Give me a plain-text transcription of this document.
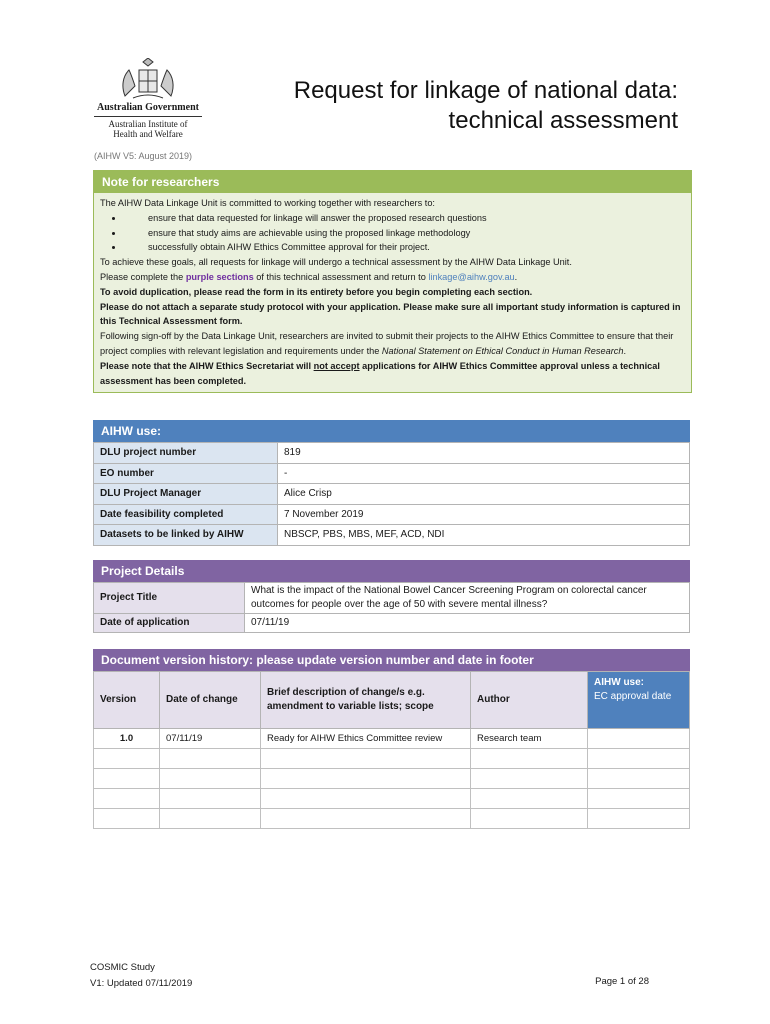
Australian Government
Australian Institute of
Health and Welfare
Request for linkage of national data:
technical assessment
(AIHW V5: August 2019)
Note for researchers
The AIHW Data Linkage Unit is committed to working together with researchers to:
• ensure that data requested for linkage will answer the proposed research questions
• ensure that study aims are achievable using the proposed linkage methodology
• successfully obtain AIHW Ethics Committee approval for their project.
To achieve these goals, all requests for linkage will undergo a technical assessment by the AIHW Data Linkage Unit.
Please complete the purple sections of this technical assessment and return to linkage@aihw.gov.au.
To avoid duplication, please read the form in its entirety before you begin completing each section.
Please do not attach a separate study protocol with your application. Please make sure all important study information is captured in this Technical Assessment form.
Following sign-off by the Data Linkage Unit, researchers are invited to submit their projects to the AIHW Ethics Committee to ensure that their project complies with relevant legislation and requirements under the National Statement on Ethical Conduct in Human Research.
Please note that the AIHW Ethics Secretariat will not accept applications for AIHW Ethics Committee approval unless a technical assessment has been completed.
AIHW use:
DLU project number	819
EO number	-
DLU Project Manager	Alice Crisp
Date feasibility completed	7 November 2019
Datasets to be linked by AIHW	NBSCP, PBS, MBS, MEF, ACD, NDI
Project Details
Project Title	What is the impact of the National Bowel Cancer Screening Program on colorectal cancer outcomes for people over the age of 50 with severe mental illness?
Date of application	07/11/19
Document version history: please update version number and date in footer
Version	Date of change	Brief description of change/s e.g. amendment to variable lists; scope	Author	AIHW use:
EC approval date

1.0	07/11/19	Ready for AIHW Ethics Committee review	Research team	

COSMIC Study
V1: Updated 07/11/2019	Page 1 of 28
